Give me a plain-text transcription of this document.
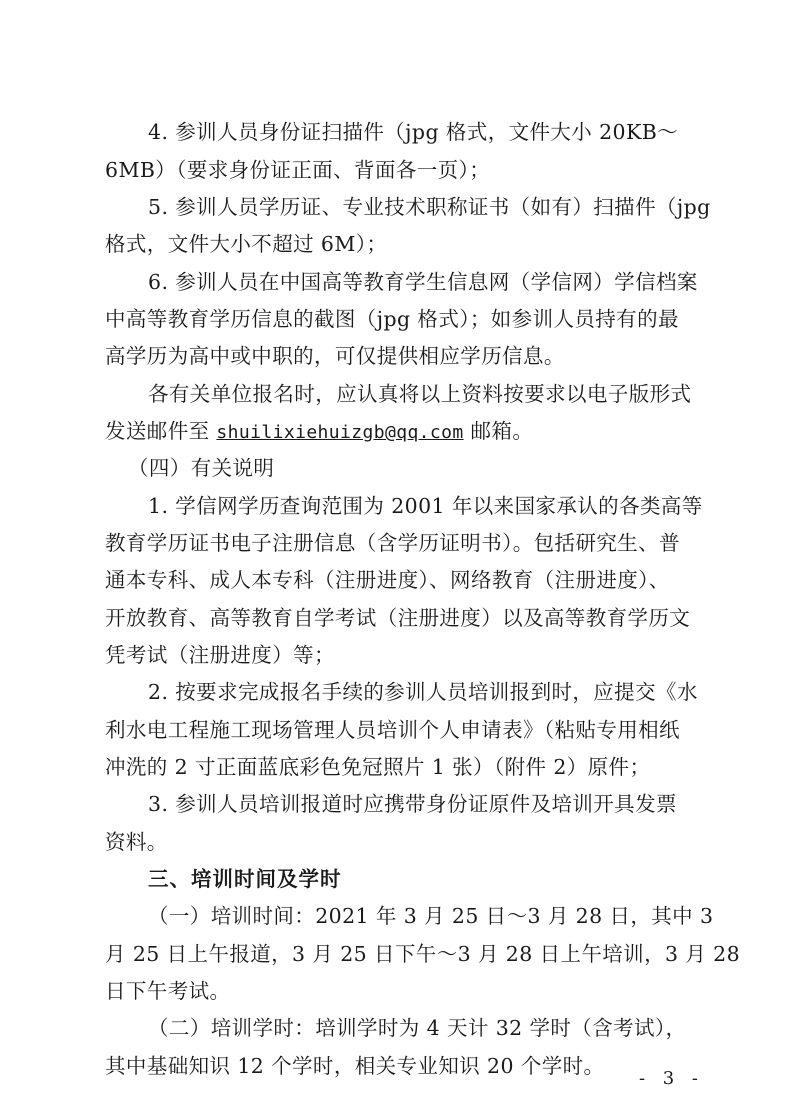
4. 参训人员身份证扫描件（jpg 格式，文件大小 20KB～
6MB）（要求身份证正面、背面各一页）；
5. 参训人员学历证、专业技术职称证书（如有）扫描件（jpg
格式，文件大小不超过 6M）；
6. 参训人员在中国高等教育学生信息网（学信网）学信档案
中高等教育学历信息的截图（jpg 格式）；如参训人员持有的最
高学历为高中或中职的，可仅提供相应学历信息。
各有关单位报名时，应认真将以上资料按要求以电子版形式
发送邮件至 shuilixiehuizgb@qq.com 邮箱。
（四）有关说明
1. 学信网学历查询范围为 2001 年以来国家承认的各类高等
教育学历证书电子注册信息（含学历证明书）。包括研究生、普
通本专科、成人本专科（注册进度）、网络教育（注册进度）、
开放教育、高等教育自学考试（注册进度）以及高等教育学历文
凭考试（注册进度）等；
2. 按要求完成报名手续的参训人员培训报到时，应提交《水
利水电工程施工现场管理人员培训个人申请表》（粘贴专用相纸
冲洗的 2 寸正面蓝底彩色免冠照片 1 张）（附件 2）原件；
3. 参训人员培训报道时应携带身份证原件及培训开具发票
资料。
三、培训时间及学时
（一）培训时间：2021 年 3 月 25 日～3 月 28 日，其中 3
月 25 日上午报道，3 月 25 日下午～3 月 28 日上午培训，3 月 28
日下午考试。
（二）培训学时：培训学时为 4 天计 32 学时（含考试），
其中基础知识 12 个学时，相关专业知识 20 个学时。
- 3 -
